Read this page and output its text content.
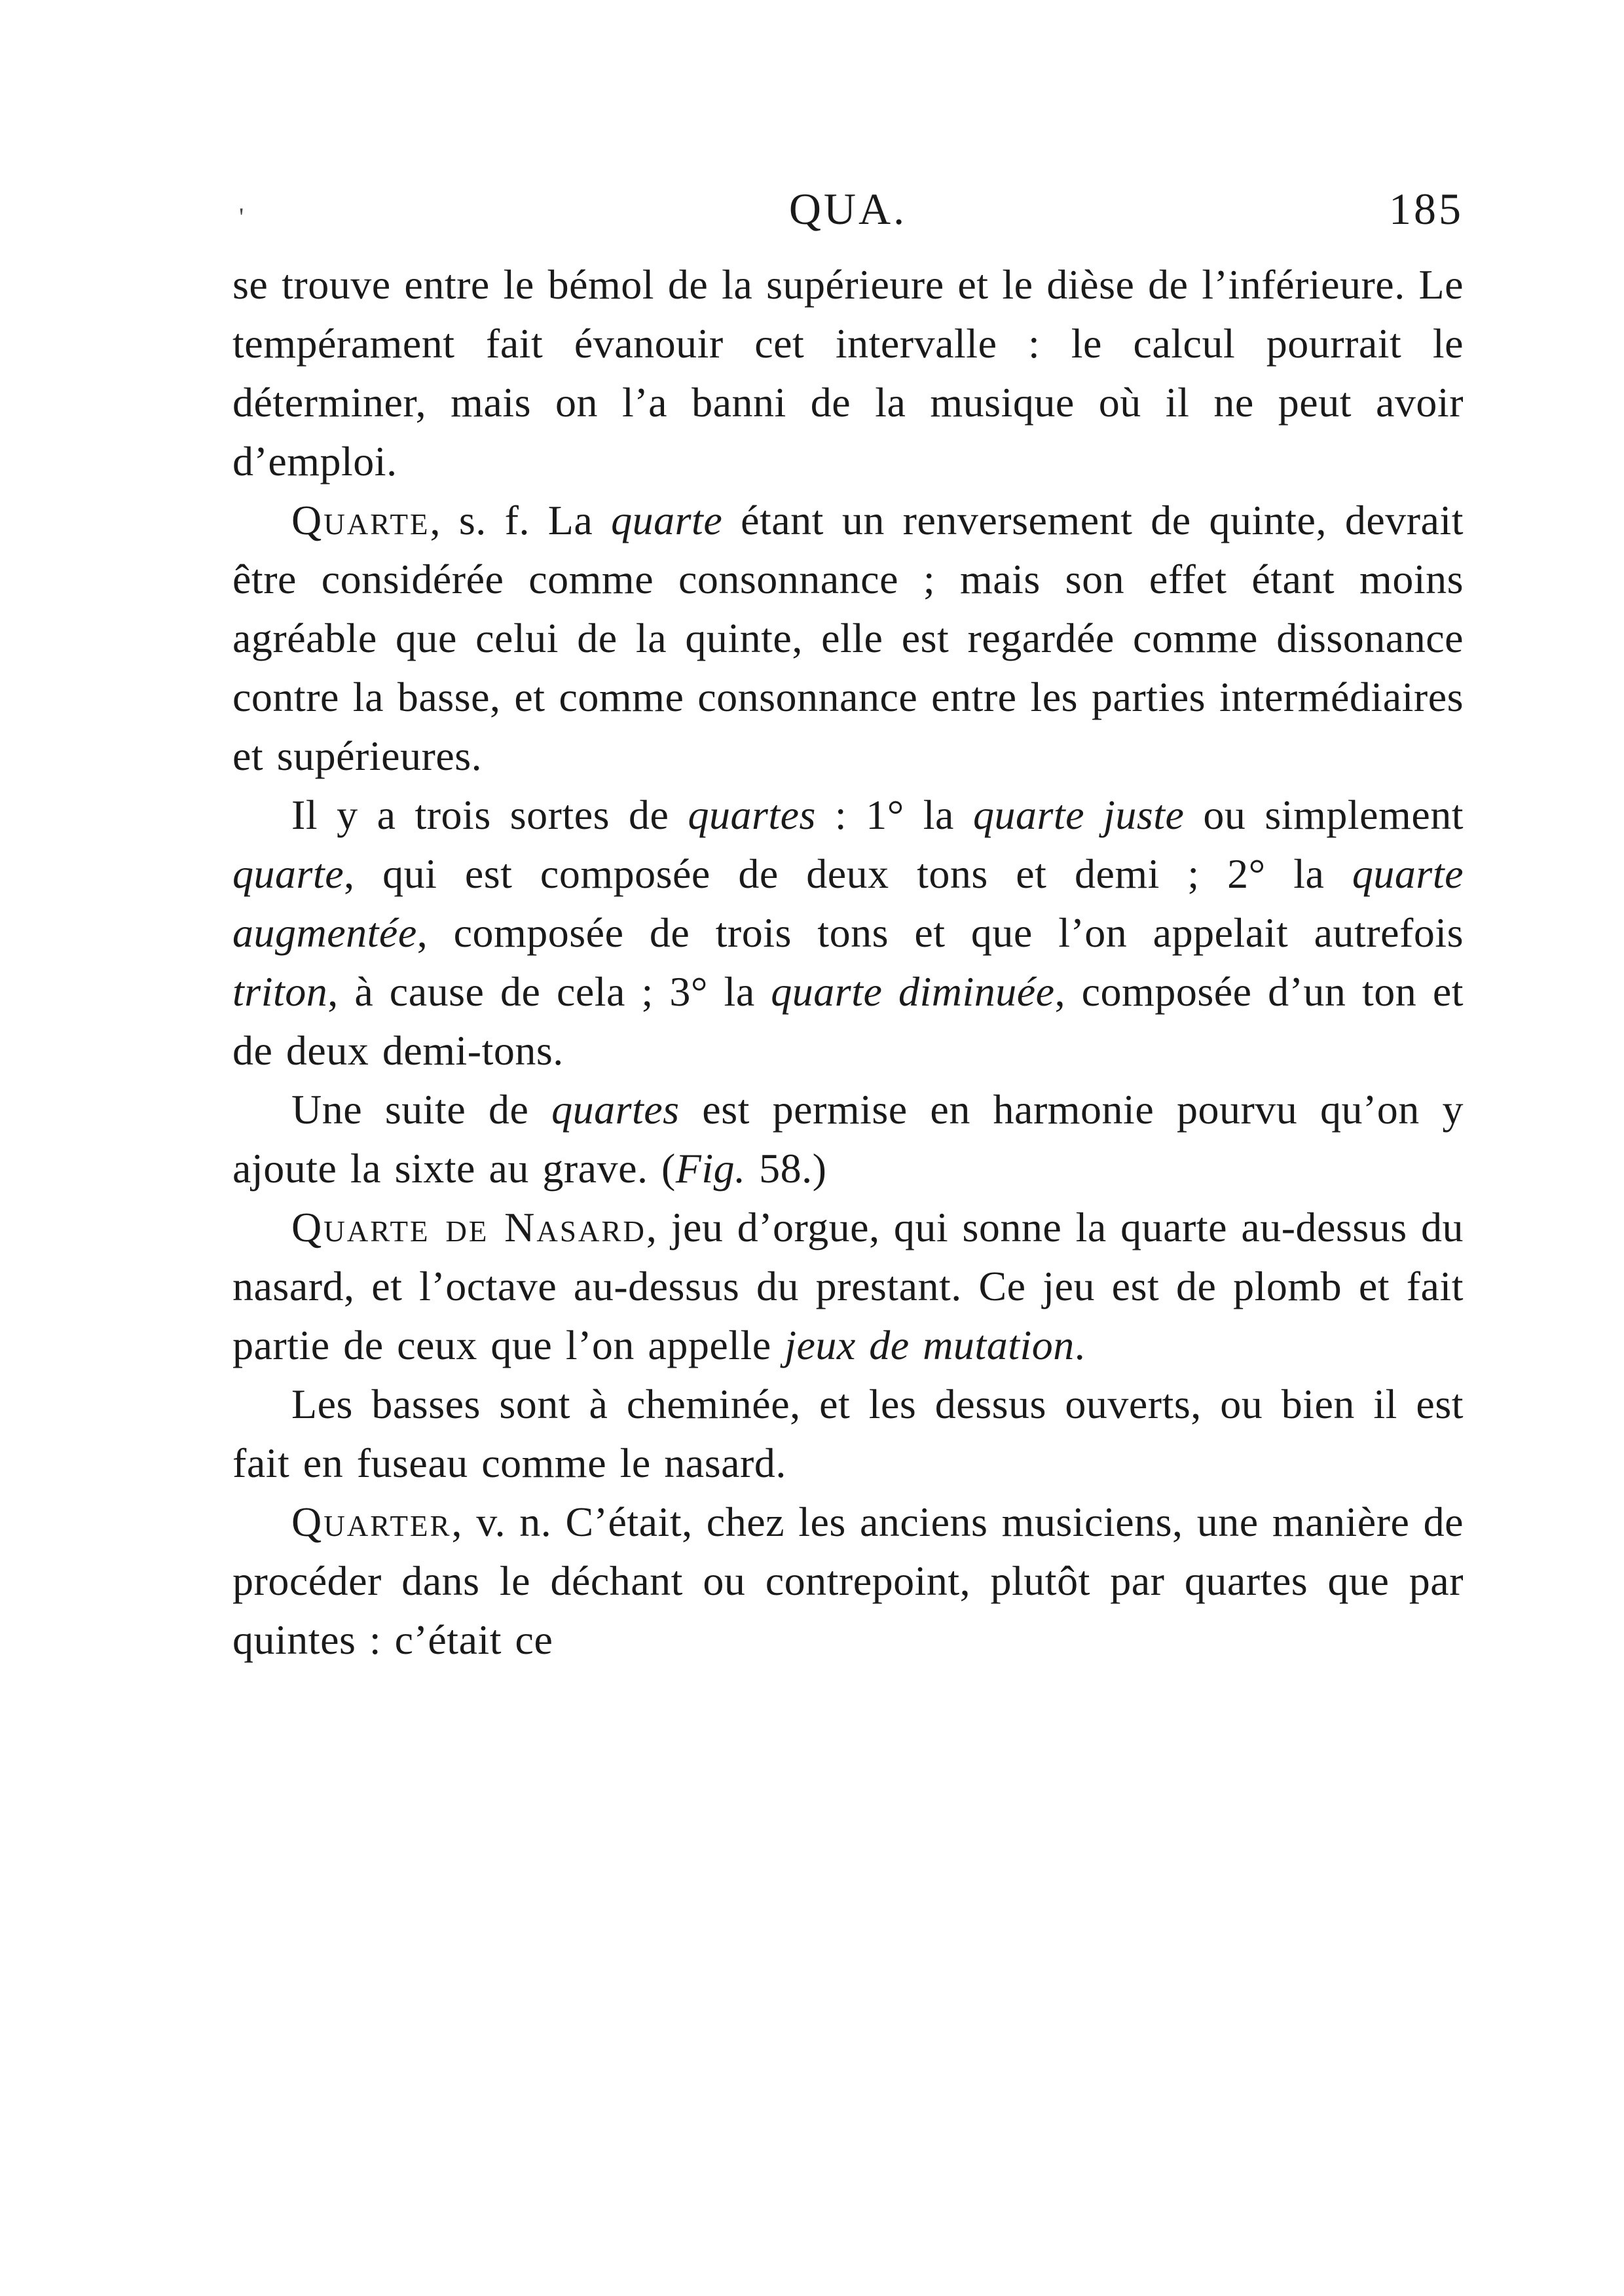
'	QUA.	185

se trouve entre le bémol de la supérieure et le dièse de l’inférieure. Le tempérament fait évanouir cet intervalle : le calcul pourrait le déterminer, mais on l’a banni de la musique où il ne peut avoir d’emploi.

Quarte, s. f. La quarte étant un renversement de quinte, devrait être considérée comme consonnance ; mais son effet étant moins agréable que celui de la quinte, elle est regardée comme dissonance contre la basse, et comme consonnance entre les parties intermédiaires et supérieures.

Il y a trois sortes de quartes : 1° la quarte juste ou simplement quarte, qui est composée de deux tons et demi ; 2° la quarte augmentée, composée de trois tons et que l’on appelait autrefois triton, à cause de cela ; 3° la quarte diminuée, composée d’un ton et de deux demi-tons.

Une suite de quartes est permise en harmonie pourvu qu’on y ajoute la sixte au grave. (Fig. 58.)

Quarte de Nasard, jeu d’orgue, qui sonne la quarte au-dessus du nasard, et l’octave au-dessus du prestant. Ce jeu est de plomb et fait partie de ceux que l’on appelle jeux de mutation.

Les basses sont à cheminée, et les dessus ouverts, ou bien il est fait en fuseau comme le nasard.

Quarter, v. n. C’était, chez les anciens musiciens, une manière de procéder dans le déchant ou contrepoint, plutôt par quartes que par quintes : c’était ce
